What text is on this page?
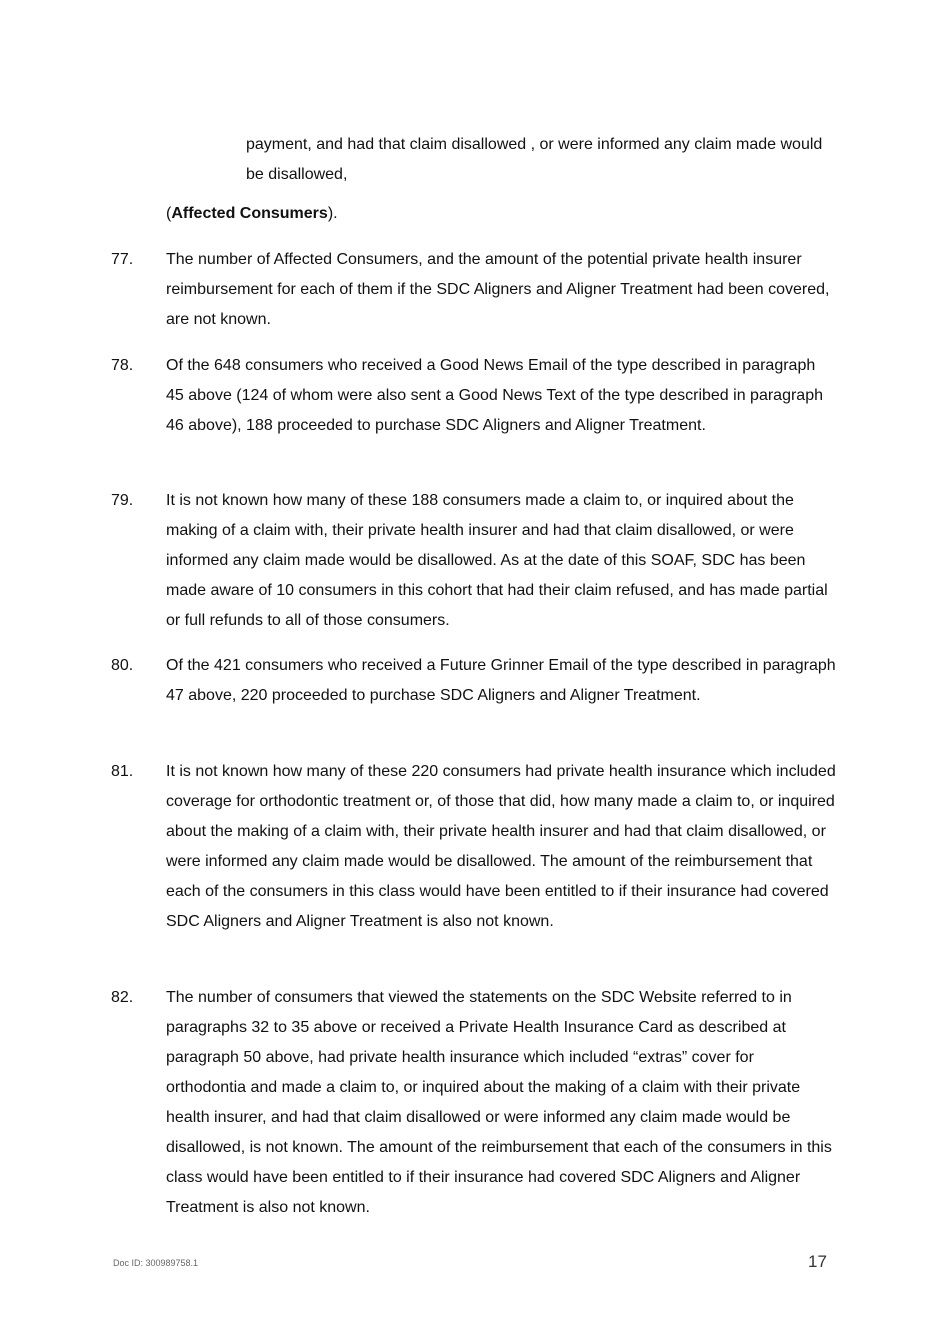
payment, and had that claim disallowed , or were informed any claim made would be disallowed,
(Affected Consumers).
77.	The number of Affected Consumers, and the amount of the potential private health insurer reimbursement for each of them if the SDC Aligners and Aligner Treatment had been covered, are not known.
78.	Of the 648 consumers who received a Good News Email of the type described in paragraph 45 above (124 of whom were also sent a Good News Text of the type described in paragraph 46 above), 188 proceeded to purchase SDC Aligners and Aligner Treatment.
79.	It is not known how many of these 188 consumers made a claim to, or inquired about the making of a claim with, their private health insurer and had that claim disallowed, or were informed any claim made would be disallowed. As at the date of this SOAF, SDC has been made aware of 10 consumers in this cohort that had their claim refused, and has made partial or full refunds to all of those consumers.
80.	Of the 421 consumers who received a Future Grinner Email of the type described in paragraph 47 above, 220 proceeded to purchase SDC Aligners and Aligner Treatment.
81.	It is not known how many of these 220 consumers had private health insurance which included coverage for orthodontic treatment or, of those that did, how many made a claim to, or inquired about the making of a claim with, their private health insurer and had that claim disallowed, or were informed any claim made would be disallowed. The amount of the reimbursement that each of the consumers in this class would have been entitled to if their insurance had covered SDC Aligners and Aligner Treatment is also not known.
82.	The number of consumers that viewed the statements on the SDC Website referred to in paragraphs 32 to 35 above or received a Private Health Insurance Card as described at paragraph 50 above, had private health insurance which included “extras” cover for orthodontia and made a claim to, or inquired about the making of a claim with their private health insurer, and had that claim disallowed or were informed any claim made would be disallowed, is not known. The amount of the reimbursement that each of the consumers in this class would have been entitled to if their insurance had covered SDC Aligners and Aligner Treatment is also not known.
Doc ID: 300989758.1	17
